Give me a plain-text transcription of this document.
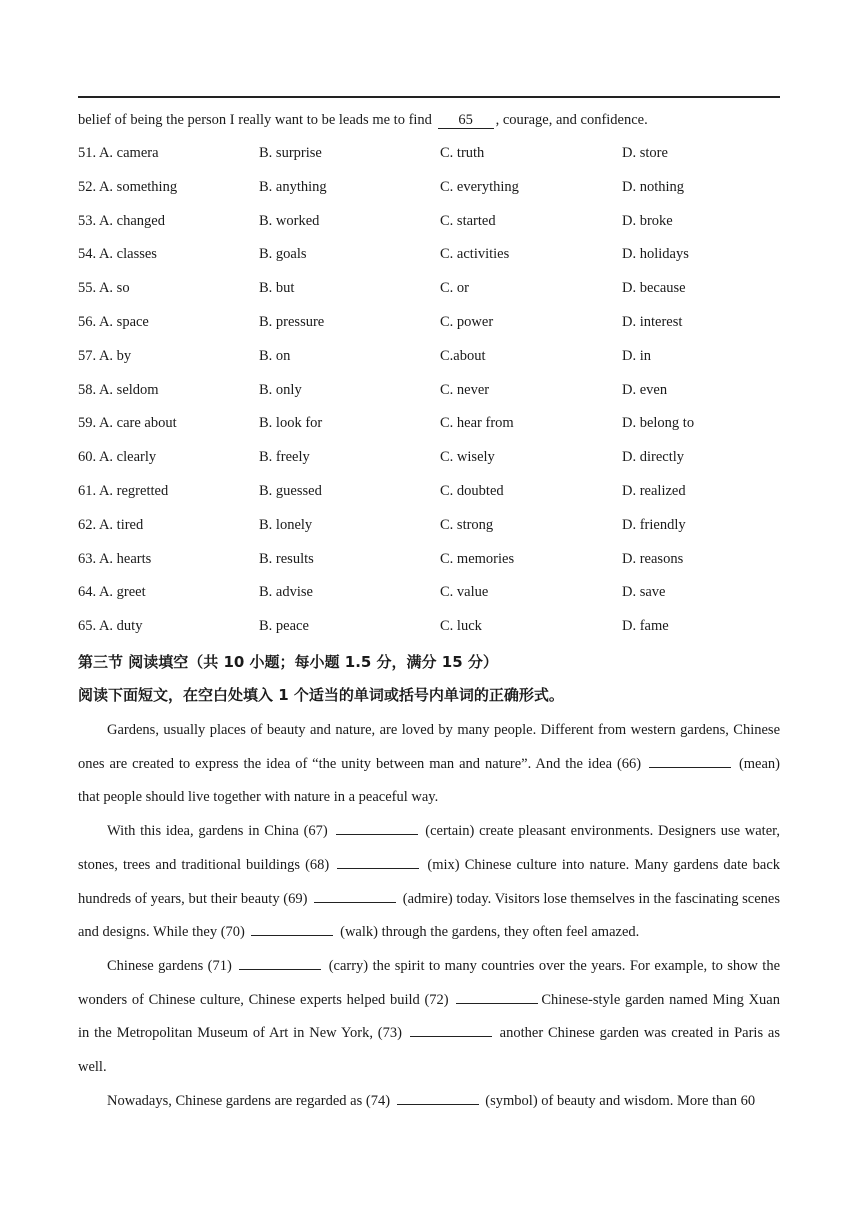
belief of being the person I really want to be leads me to find 65 , courage, and confidence.
51. A. camera	B. surprise	C. truth	D. store
52. A. something	B. anything	C. everything	D. nothing
53. A. changed	B. worked	C. started	D. broke
54. A. classes	B. goals	C. activities	D. holidays
55. A. so	B. but	C. or	D. because
56. A. space	B. pressure	C. power	D. interest
57. A. by	B. on	C.about	D. in
58. A. seldom	B. only	C. never	D. even
59. A. care about	B. look for	C. hear from	D. belong to
60. A. clearly	B. freely	C. wisely	D. directly
61. A. regretted	B. guessed	C. doubted	D. realized
62. A. tired	B. lonely	C. strong	D. friendly
63. A. hearts	B. results	C. memories	D. reasons
64. A. greet	B. advise	C. value	D. save
65. A. duty	B. peace	C. luck	D. fame
第三节 阅读填空（共 10 小题；每小题 1.5 分，满分 15 分）
阅读下面短文，在空白处填入 1 个适当的单词或括号内单词的正确形式。

Gardens, usually places of beauty and nature, are loved by many people. Different from western gardens, Chinese ones are created to express the idea of “the unity between man and nature”. And the idea (66)	(mean) that people should live together with nature in a peaceful way.

With this idea, gardens in China (67)	(certain) create pleasant environments. Designers use water, stones, trees and traditional buildings (68)	(mix) Chinese culture into nature. Many gardens date back hundreds of years, but their beauty (69)	(admire) today. Visitors lose themselves in the fascinating scenes and designs. While they (70)	(walk) through the gardens, they often feel amazed.

Chinese gardens (71)	(carry) the spirit to many countries over the years. For example, to show the wonders of Chinese culture, Chinese experts helped build (72)	Chinese-style garden named Ming Xuan in the Metropolitan Museum of Art in New York, (73)	another Chinese garden was created in Paris as well.

Nowadays, Chinese gardens are regarded as (74)	(symbol) of beauty and wisdom. More than 60
